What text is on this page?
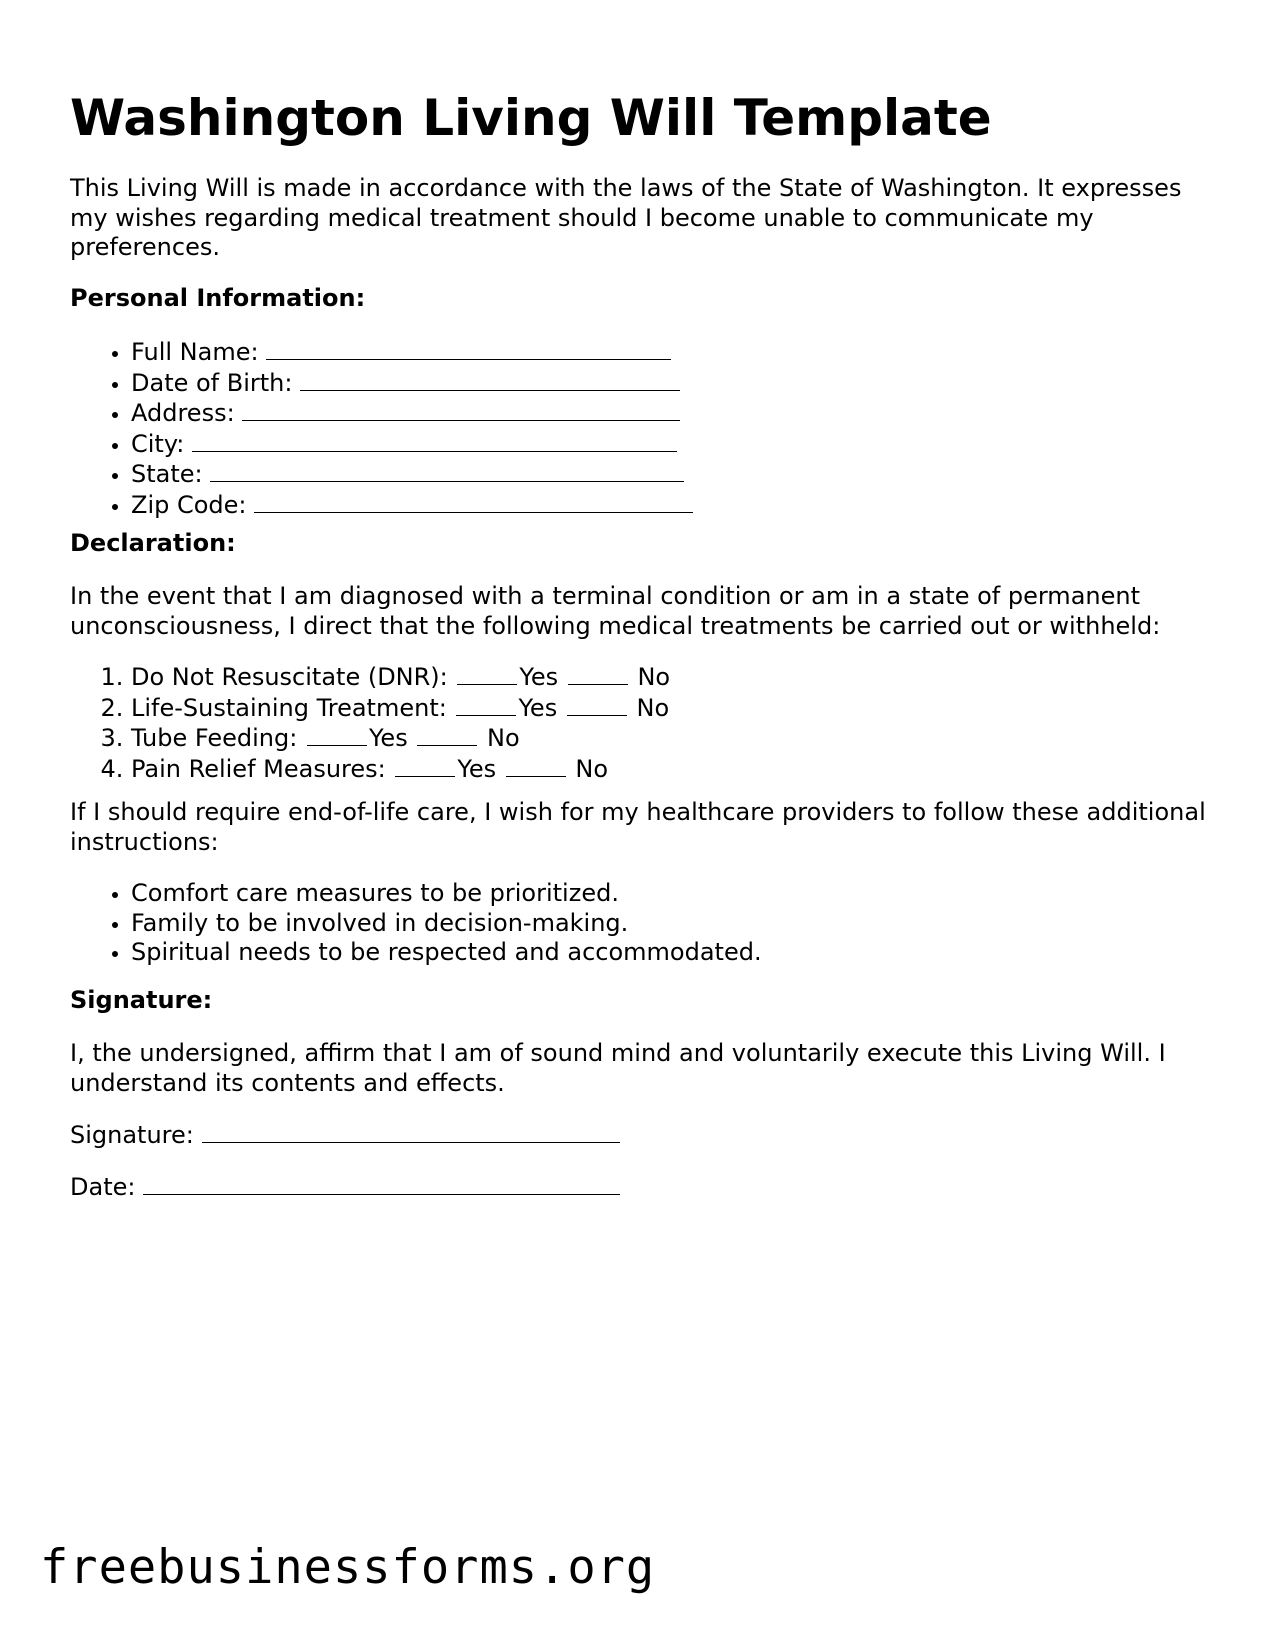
Washington Living Will Template
This Living Will is made in accordance with the laws of the State of Washington. It expresses my wishes regarding medical treatment should I become unable to communicate my preferences.
Personal Information:
• Full Name:
• Date of Birth:
• Address:
• City:
• State:
• Zip Code:
Declaration:
In the event that I am diagnosed with a terminal condition or am in a state of permanent unconsciousness, I direct that the following medical treatments be carried out or withheld:
1. Do Not Resuscitate (DNR):	Yes	No
2. Life-Sustaining Treatment:	Yes	No
3. Tube Feeding:	Yes	No
4. Pain Relief Measures:	Yes	No
If I should require end-of-life care, I wish for my healthcare providers to follow these additional instructions:
• Comfort care measures to be prioritized.
• Family to be involved in decision-making.
• Spiritual needs to be respected and accommodated.
Signature:
I, the undersigned, affirm that I am of sound mind and voluntarily execute this Living Will. I understand its contents and effects.
Signature:
Date:
freebusinessforms.org
